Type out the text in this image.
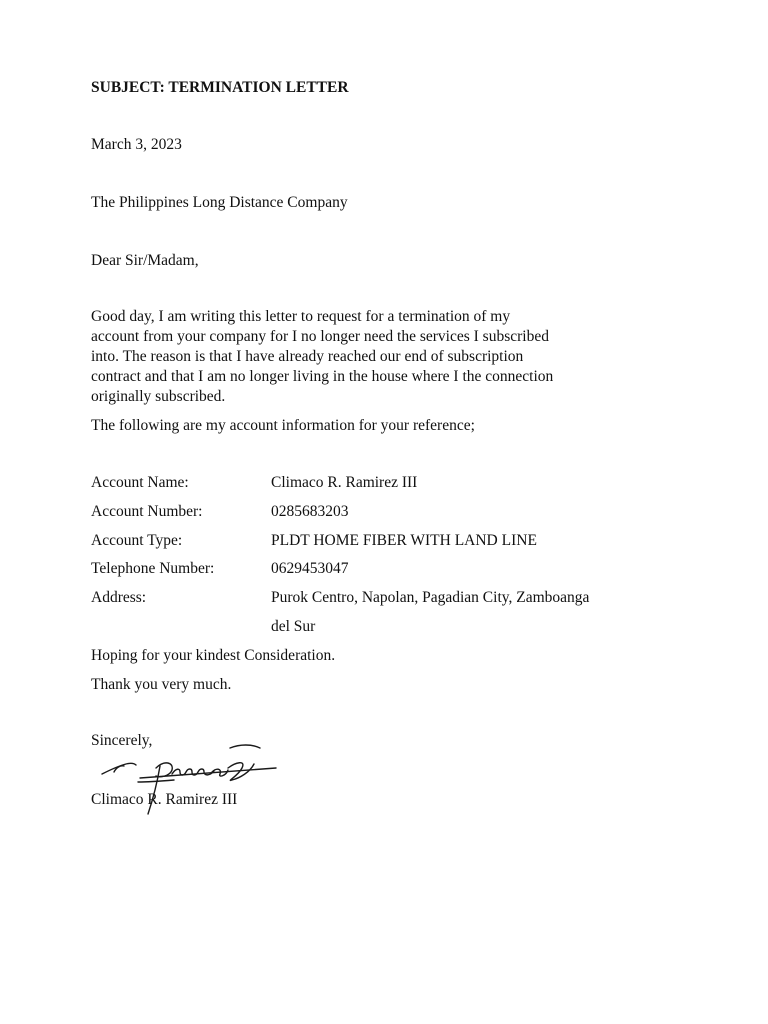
SUBJECT: TERMINATION LETTER
March 3, 2023
The Philippines Long Distance Company
Dear Sir/Madam,

Good day, I am writing this letter to request for a termination of my
account from your company for I no longer need the services I subscribed
into. The reason is that I have already reached our end of subscription
contract and that I am no longer living in the house where I the connection
originally subscribed.

The following are my account information for your reference;
Account Name:	Climaco R. Ramirez III
Account Number:	0285683203
Account Type:	PLDT HOME FIBER WITH LAND LINE
Telephone Number:	0629453047
Address:	Purok Centro, Napolan, Pagadian City, Zamboanga
del Sur
Hoping for your kindest Consideration.
Thank you very much.
Sincerely,
Climaco R. Ramirez III
